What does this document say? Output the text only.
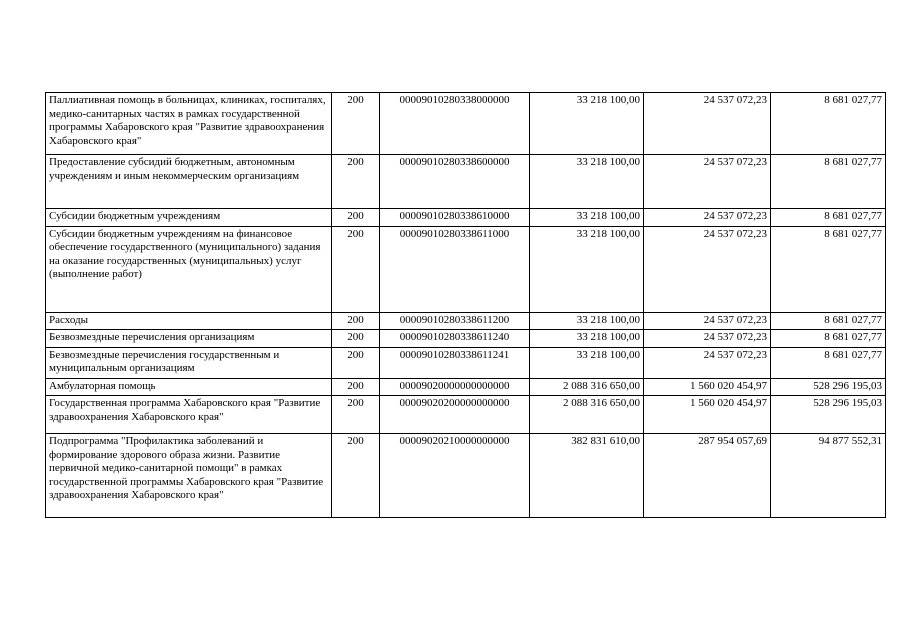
Паллиативная помощь в больницах, клиниках, госпиталях, медико-санитарных частях в рамках государственной программы Хабаровского края "Развитие здравоохранения Хабаровского края"	200	00009010280338000000	33 218 100,00	24 537 072,23	8 681 027,77
Предоставление субсидий бюджетным, автономным учреждениям и иным некоммерческим организациям	200	00009010280338600000	33 218 100,00	24 537 072,23	8 681 027,77
Субсидии бюджетным учреждениям	200	00009010280338610000	33 218 100,00	24 537 072,23	8 681 027,77
Субсидии бюджетным учреждениям на финансовое обеспечение государственного (муниципального) задания на оказание государственных (муниципальных) услуг (выполнение работ)	200	00009010280338611000	33 218 100,00	24 537 072,23	8 681 027,77
Расходы	200	00009010280338611200	33 218 100,00	24 537 072,23	8 681 027,77
Безвозмездные перечисления организациям	200	00009010280338611240	33 218 100,00	24 537 072,23	8 681 027,77
Безвозмездные перечисления государственным и муниципальным организациям	200	00009010280338611241	33 218 100,00	24 537 072,23	8 681 027,77
Амбулаторная помощь	200	00009020000000000000	2 088 316 650,00	1 560 020 454,97	528 296 195,03
Государственная программа Хабаровского края "Развитие здравоохранения Хабаровского края"	200	00009020200000000000	2 088 316 650,00	1 560 020 454,97	528 296 195,03
Подпрограмма "Профилактика заболеваний и формирование здорового образа жизни. Развитие первичной медико-санитарной помощи" в рамках государственной программы Хабаровского края "Развитие здравоохранения Хабаровского края"	200	00009020210000000000	382 831 610,00	287 954 057,69	94 877 552,31
